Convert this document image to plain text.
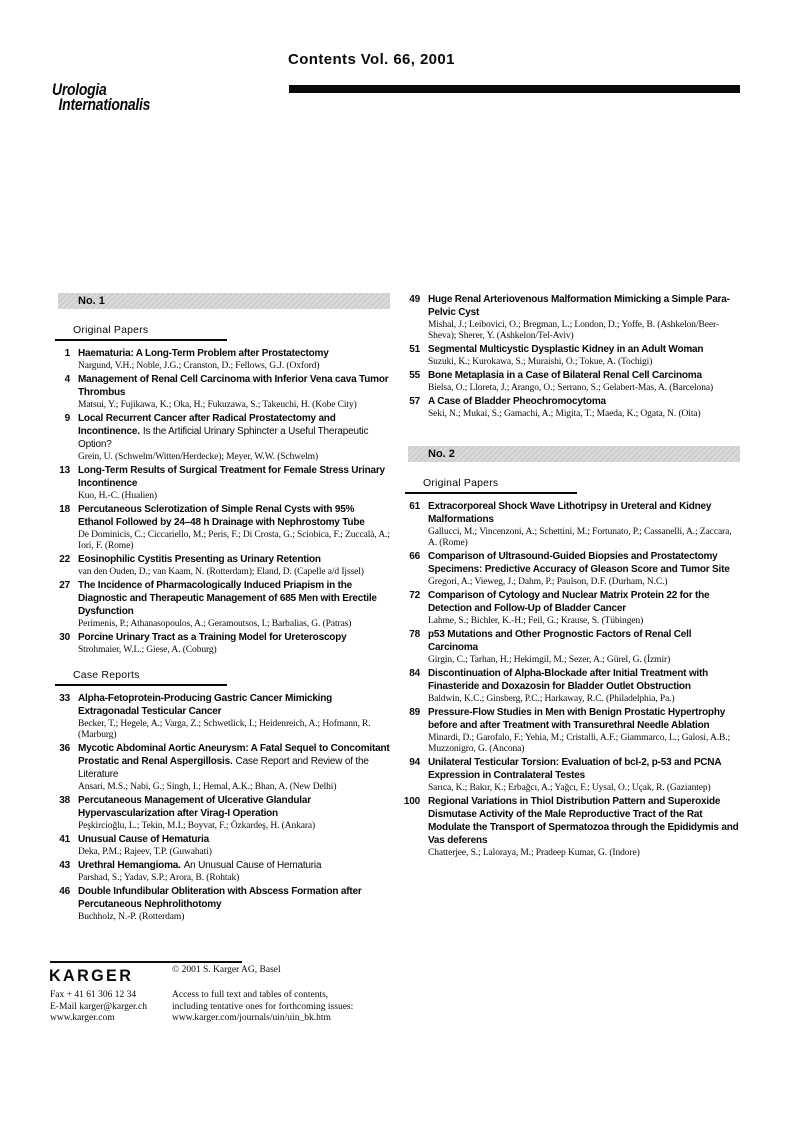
Contents Vol. 66, 2001
Urologia
Internationalis
No. 1
Original Papers
1 Haematuria: A Long-Term Problem after Prostatectomy
Nargund, V.H.; Noble, J.G.; Cranston, D.; Fellows, G.J. (Oxford)
4 Management of Renal Cell Carcinoma with Inferior Vena cava Tumor Thrombus
Matsui, Y.; Fujikawa, K.; Oka, H.; Fukuzawa, S.; Takeuchi, H. (Kobe City)
9 Local Recurrent Cancer after Radical Prostatectomy and Incontinence. Is the Artificial Urinary Sphincter a Useful Therapeutic Option?
Grein, U. (Schwelm/Witten/Herdecke); Meyer, W.W. (Schwelm)
13 Long-Term Results of Surgical Treatment for Female Stress Urinary Incontinence
Kuo, H.-C. (Hualien)
18 Percutaneous Sclerotization of Simple Renal Cysts with 95% Ethanol Followed by 24–48 h Drainage with Nephrostomy Tube
De Dominicis, C.; Ciccariello, M.; Peris, F.; Di Crosta, G.; Sciobica, F.; Zuccalà, A.; Iori, F. (Rome)
22 Eosinophilic Cystitis Presenting as Urinary Retention
van den Ouden, D.; van Kaam, N. (Rotterdam); Eland, D. (Capelle a/d Ijssel)
27 The Incidence of Pharmacologically Induced Priapism in the Diagnostic and Therapeutic Management of 685 Men with Erectile Dysfunction
Perimenis, P.; Athanasopoulos, A.; Geramoutsos, I.; Barbalias, G. (Patras)
30 Porcine Urinary Tract as a Training Model for Ureteroscopy
Strohmaier, W.L.; Giese, A. (Coburg)
Case Reports
33 Alpha-Fetoprotein-Producing Gastric Cancer Mimicking Extragonadal Testicular Cancer
Becker, T.; Hegele, A.; Varga, Z.; Schwetlick, I.; Heidenreich, A.; Hofmann, R. (Marburg)
36 Mycotic Abdominal Aortic Aneurysm: A Fatal Sequel to Concomitant Prostatic and Renal Aspergillosis. Case Report and Review of the Literature
Ansari, M.S.; Nabi, G.; Singh, I.; Hemal, A.K.; Bhan, A. (New Delhi)
38 Percutaneous Management of Ulcerative Glandular Hypervascularization after Virag-I Operation
Peşkircioğlu, L.; Tekin, M.I.; Boyvat, F.; Özkardeş, H. (Ankara)
41 Unusual Cause of Hematuria
Deka, P.M.; Rajeev, T.P. (Guwahati)
43 Urethral Hemangioma. An Unusual Cause of Hematuria
Parshad, S.; Yadav, S.P.; Arora, B. (Rohtak)
46 Double Infundibular Obliteration with Abscess Formation after Percutaneous Nephrolithotomy
Buchholz, N.-P. (Rotterdam)
49 Huge Renal Arteriovenous Malformation Mimicking a Simple Para-Pelvic Cyst
Mishal, J.; Leibovici, O.; Bregman, L.; London, D.; Yoffe, B. (Ashkelon/Beer-Sheva); Sherer, Y. (Ashkelon/Tel-Aviv)
51 Segmental Multicystic Dysplastic Kidney in an Adult Woman
Suzuki, K.; Kurokawa, S.; Muraishi, O.; Tokue, A. (Tochigi)
55 Bone Metaplasia in a Case of Bilateral Renal Cell Carcinoma
Bielsa, O.; Lloreta, J.; Arango, O.; Serrano, S.; Gelabert-Mas, A. (Barcelona)
57 A Case of Bladder Pheochromocytoma
Seki, N.; Mukai, S.; Gamachi, A.; Migita, T.; Maeda, K.; Ogata, N. (Oita)
No. 2
Original Papers
61 Extracorporeal Shock Wave Lithotripsy in Ureteral and Kidney Malformations
Gallucci, M.; Vincenzoni, A.; Schettini, M.; Fortunato, P.; Cassanelli, A.; Zaccara, A. (Rome)
66 Comparison of Ultrasound-Guided Biopsies and Prostatectomy Specimens: Predictive Accuracy of Gleason Score and Tumor Site
Gregori, A.; Vieweg, J.; Dahm, P.; Paulson, D.F. (Durham, N.C.)
72 Comparison of Cytology and Nuclear Matrix Protein 22 for the Detection and Follow-Up of Bladder Cancer
Lahme, S.; Bichler, K.-H.; Feil, G.; Krause, S. (Tübingen)
78 p53 Mutations and Other Prognostic Factors of Renal Cell Carcinoma
Girgin, C.; Tarhan, H.; Hekimgil, M.; Sezer, A.; Gürel, G. (İzmir)
84 Discontinuation of Alpha-Blockade after Initial Treatment with Finasteride and Doxazosin for Bladder Outlet Obstruction
Baldwin, K.C.; Ginsberg, P.C.; Harkaway, R.C. (Philadelphia, Pa.)
89 Pressure-Flow Studies in Men with Benign Prostatic Hypertrophy before and after Treatment with Transurethral Needle Ablation
Minardi, D.; Garofalo, F.; Yehia, M.; Cristalli, A.F.; Giammarco, L.; Galosi, A.B.; Muzzonigro, G. (Ancona)
94 Unilateral Testicular Torsion: Evaluation of bcl-2, p-53 and PCNA Expression in Contralateral Testes
Sarıca, K.; Bakır, K.; Erbağcı, A.; Yağcı, F.; Uysal, O.; Uçak, R. (Gaziantep)
100 Regional Variations in Thiol Distribution Pattern and Superoxide Dismutase Activity of the Male Reproductive Tract of the Rat Modulate the Transport of Spermatozoa through the Epididymis and Vas deferens
Chatterjee, S.; Laloraya, M.; Pradeep Kumar, G. (Indore)
KARGER	© 2001 S. Karger AG, Basel
Fax + 41 61 306 12 34
E-Mail karger@karger.ch
www.karger.com
Access to full text and tables of contents,
including tentative ones for forthcoming issues:
www.karger.com/journals/uin/uin_bk.htm
